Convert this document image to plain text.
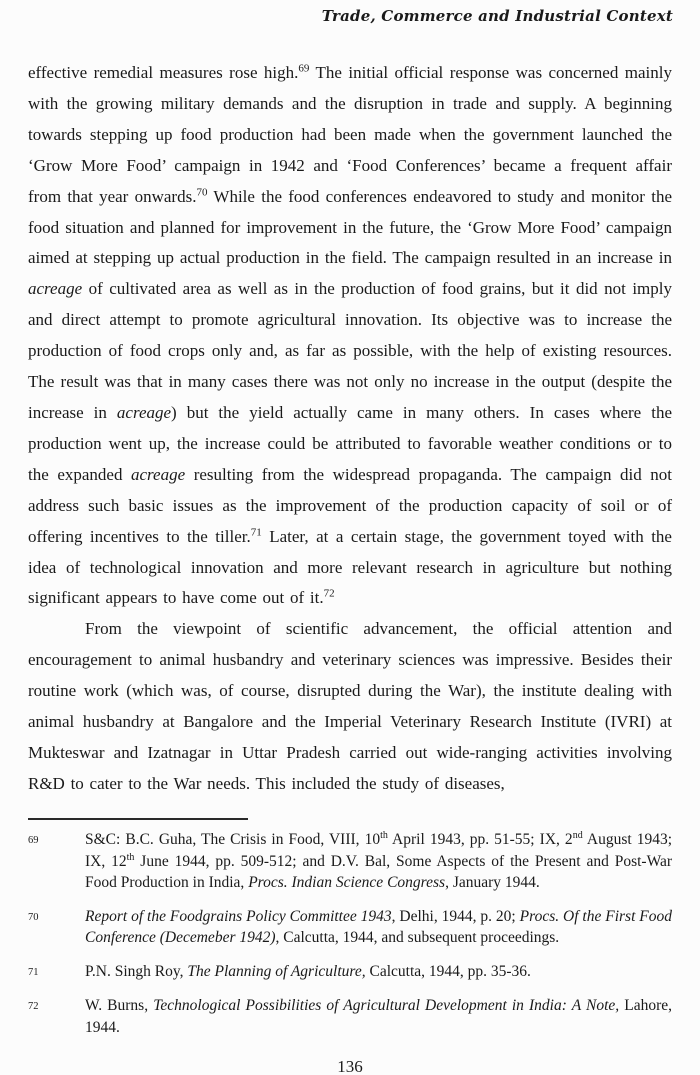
Trade, Commerce and Industrial Context

effective remedial measures rose high.$^{69}$ The initial official response was concerned mainly with the growing military demands and the disruption in trade and supply. A beginning towards stepping up food production had been made when the government launched the ‘Grow More Food’ campaign in 1942 and ‘Food Conferences’ became a frequent affair from that year onwards.$^{70}$ While the food conferences endeavored to study and monitor the food situation and planned for improvement in the future, the ‘Grow More Food’ campaign aimed at stepping up actual production in the field. The campaign resulted in an increase in acreage of cultivated area as well as in the production of food grains, but it did not imply and direct attempt to promote agricultural innovation. Its objective was to increase the production of food crops only and, as far as possible, with the help of existing resources. The result was that in many cases there was not only no increase in the output (despite the increase in acreage) but the yield actually came in many others. In cases where the production went up, the increase could be attributed to favorable weather conditions or to the expanded acreage resulting from the widespread propaganda. The campaign did not address such basic issues as the improvement of the production capacity of soil or of offering incentives to the tiller.$^{71}$ Later, at a certain stage, the government toyed with the idea of technological innovation and more relevant research in agriculture but nothing significant appears to have come out of it.$^{72}$

From the viewpoint of scientific advancement, the official attention and encouragement to animal husbandry and veterinary sciences was impressive. Besides their routine work (which was, of course, disrupted during the War), the institute dealing with animal husbandry at Bangalore and the Imperial Veterinary Research Institute (IVRI) at Mukteswar and Izatnagar in Uttar Pradesh carried out wide-ranging activities involving R&D to cater to the War needs. This included the study of diseases,

69	S&C: B.C. Guha, The Crisis in Food, VIII, 10th April 1943, pp. 51-55; IX, 2nd August 1943; IX, 12th June 1944, pp. 509-512; and D.V. Bal, Some Aspects of the Present and Post-War Food Production in India, Procs. Indian Science Congress, January 1944.
70	Report of the Foodgrains Policy Committee 1943, Delhi, 1944, p. 20; Procs. Of the First Food Conference (Decemeber 1942), Calcutta, 1944, and subsequent proceedings.
71	P.N. Singh Roy, The Planning of Agriculture, Calcutta, 1944, pp. 35-36.
72	W. Burns, Technological Possibilities of Agricultural Development in India: A Note, Lahore, 1944.
136
